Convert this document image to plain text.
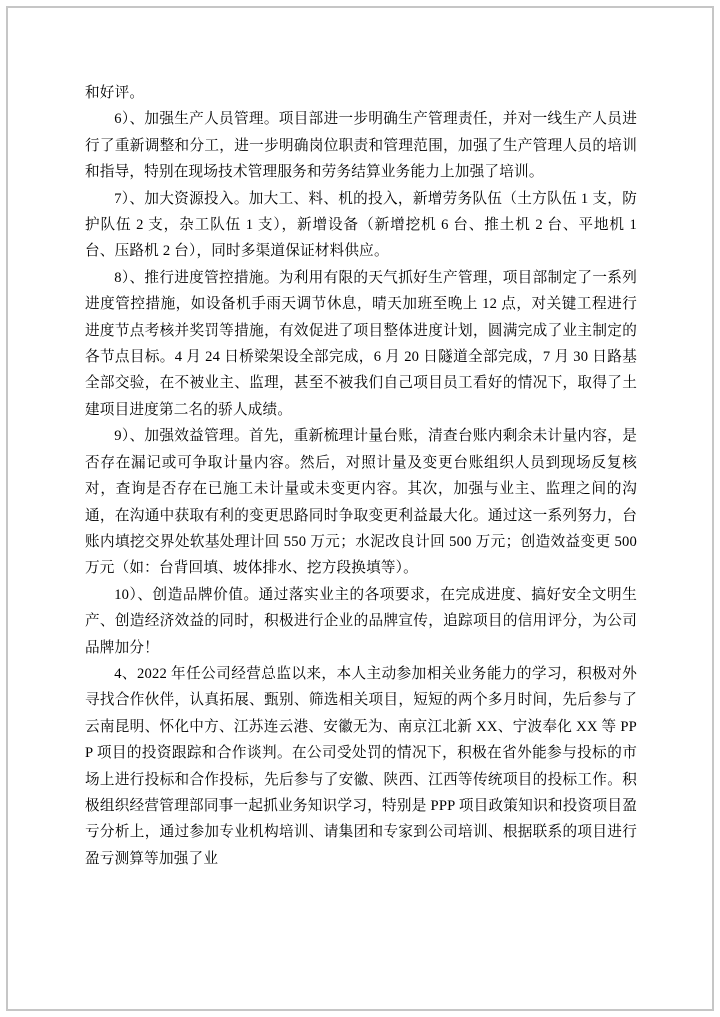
和好评。

6）、加强生产人员管理。项目部进一步明确生产管理责任，并对一线生产人员进行了重新调整和分工，进一步明确岗位职责和管理范围，加强了生产管理人员的培训和指导，特别在现场技术管理服务和劳务结算业务能力上加强了培训。

7）、加大资源投入。加大工、料、机的投入，新增劳务队伍（土方队伍 1 支，防护队伍 2 支，杂工队伍 1 支），新增设备（新增挖机 6 台、推土机 2 台、平地机 1 台、压路机 2 台），同时多渠道保证材料供应。

8）、推行进度管控措施。为利用有限的天气抓好生产管理，项目部制定了一系列进度管控措施，如设备机手雨天调节休息，晴天加班至晚上 12 点，对关键工程进行进度节点考核并奖罚等措施，有效促进了项目整体进度计划，圆满完成了业主制定的各节点目标。4 月 24 日桥梁架设全部完成，6 月 20 日隧道全部完成，7 月 30 日路基全部交验，在不被业主、监理，甚至不被我们自己项目员工看好的情况下，取得了土建项目进度第二名的骄人成绩。

9）、加强效益管理。首先，重新梳理计量台账，清查台账内剩余未计量内容，是否存在漏记或可争取计量内容。然后，对照计量及变更台账组织人员到现场反复核对，查询是否存在已施工未计量或未变更内容。其次，加强与业主、监理之间的沟通，在沟通中获取有利的变更思路同时争取变更利益最大化。通过这一系列努力，台账内填挖交界处软基处理计回 550 万元；水泥改良计回 500 万元；创造效益变更 500 万元（如：台背回填、坡体排水、挖方段换填等）。

10）、创造品牌价值。通过落实业主的各项要求，在完成进度、搞好安全文明生产、创造经济效益的同时，积极进行企业的品牌宣传，追踪项目的信用评分，为公司品牌加分！

4、2022 年任公司经营总监以来，本人主动参加相关业务能力的学习，积极对外寻找合作伙伴，认真拓展、甄别、筛选相关项目，短短的两个多月时间，先后参与了云南昆明、怀化中方、江苏连云港、安徽无为、南京江北新 XX、宁波奉化 XX 等 PPP 项目的投资跟踪和合作谈判。在公司受处罚的情况下，积极在省外能参与投标的市场上进行投标和合作投标，先后参与了安徽、陕西、江西等传统项目的投标工作。积极组织经营管理部同事一起抓业务知识学习，特别是 PPP 项目政策知识和投资项目盈亏分析上，通过参加专业机构培训、请集团和专家到公司培训、根据联系的项目进行盈亏测算等加强了业
